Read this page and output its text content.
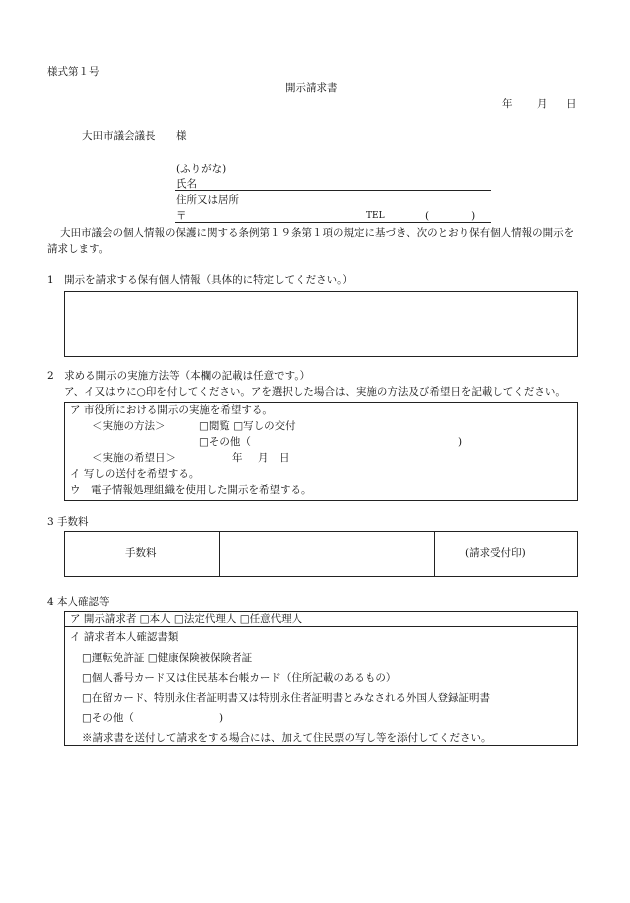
様式第１号
開示請求書
年 月 日
大田市議会議長 様
(ふりがな)
氏名
住所又は居所
〒	TEL	(　　　　)
大田市議会の個人情報の保護に関する条例第１９条第１項の規定に基づき、次のとおり保有個人情報の開示を請求します。
1　開示を請求する保有個人情報（具体的に特定してください。）
2　求める開示の実施方法等（本欄の記載は任意です。）
ア、イ又はウに○印を付してください。アを選択した場合は、実施の方法及び希望日を記載してください。
ア 市役所における開示の実施を希望する。
＜実施の方法＞	□閲覧 □写しの交付
□その他（	)
＜実施の希望日＞	年 月 日
イ 写しの送付を希望する。
ウ　電子情報処理組織を使用した開示を希望する。
3 手数料
手数料	(請求受付印)
4 本人確認等
ア 開示請求者 □本人 □法定代理人 □任意代理人
イ 請求者本人確認書類
□運転免許証 □健康保険被保険者証
□個人番号カード又は住民基本台帳カード（住所記載のあるもの）
□在留カード、特別永住者証明書又は特別永住者証明書とみなされる外国人登録証明書
□その他（	)
※請求書を送付して請求をする場合には、加えて住民票の写し等を添付してください。
